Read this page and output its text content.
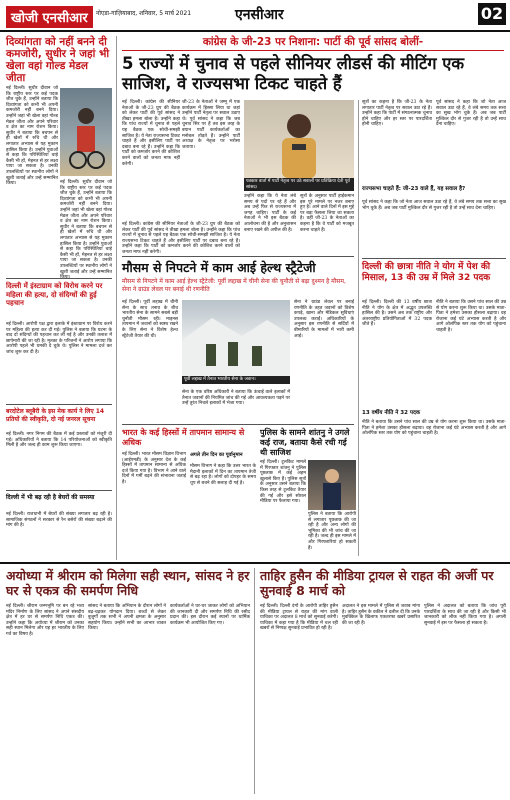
खोजी एनसीआर	नोएडा-गाज़ियाबाद, शनिवार, 5 मार्च 2021	एनसीआर	02
दिव्यांगता को नहीं बनने दी कमजोरी, सुधीर ने जहां भी खेला वहां गोल्ड मेडल जीता
नई दिल्ली। सुधीर दीवान जो कि राष्ट्रीय स्तर पर कई पदक जीत चुके हैं, उन्होंने बताया कि दिव्यांगता को कभी भी अपनी कमजोरी नहीं बनने दिया। उन्होंने जहां भी खेला वहां गोल्ड मेडल जीता और अपने परिवार व क्षेत्र का नाम रोशन किया। सुधीर ने बताया कि बचपन से ही खेलों में रुचि थी और लगातार अभ्यास से यह मुकाम हासिल किया है। उन्होंने युवाओं से कहा कि परिस्थितियां चाहे कैसी भी हों, मेहनत से हर लक्ष्य पाया जा सकता है। उनकी उपलब्धियों पर स्थानीय लोगों ने खुशी जताई और उन्हें सम्मानित किया।	नई दिल्ली। सुधीर दीवान जो कि राष्ट्रीय स्तर पर कई पदक जीत चुके हैं, उन्होंने बताया कि दिव्यांगता को कभी भी अपनी कमजोरी नहीं बनने दिया। उन्होंने जहां भी खेला वहां गोल्ड मेडल जीता और अपने परिवार व क्षेत्र का नाम रोशन किया। सुधीर ने बताया कि बचपन से ही खेलों में रुचि थी और लगातार अभ्यास से यह मुकाम हासिल किया है। उन्होंने युवाओं से कहा कि परिस्थितियां चाहे कैसी भी हों, मेहनत से हर लक्ष्य पाया जा सकता है। उनकी उपलब्धियों पर स्थानीय लोगों ने खुशी जताई और उन्हें सम्मानित
दिल्ली में इंस्टाग्राम को विरोध करने पर महिला की हत्या, दो संदिग्धों की हुई पहचान
नई दिल्ली। आरोपी पक्ष द्वारा इलाके में इंस्टाग्राम पर विरोध करने पर महिला की हत्या कर दी गई। पुलिस ने बताया कि घटना के बाद दो संदिग्धों की पहचान कर ली गई है और उनकी तलाश में छापेमारी की जा रही है। मृतका के परिजनों ने आरोप लगाया कि आरोपी पहले भी धमकी दे चुके थे। पुलिस ने मामला दर्ज कर जांच शुरू कर दी है।
बरदोटेल ब्लूबैरी के इस मेक कार्य ने लिए 14 प्रतियों की स्वीकृति, दो नई जनरल सूचना
नई दिल्ली। नगर निगम की बैठक में कई प्रस्तावों को मंजूरी दी गई। अधिकारियों ने बताया कि 14 परियोजनाओं को स्वीकृति मिली है और जल्द ही काम शुरू किया जाएगा।
दिल्ली में भी बढ़ रही है बेघरों की समस्या
नई दिल्ली। राजधानी में बेघरों की संख्या लगातार बढ़ रही है। सामाजिक संगठनों ने सरकार से रैन बसेरों की संख्या बढ़ाने की मांग की है।
कांग्रेस के जी-23 पर निशाना: पार्टी की पूर्व सांसद बोलीं-
5 राज्यों में चुनाव से पहले सीनियर लीडर्स की मीटिंग एक साजिश, वे राज्यसभा टिकट चाहते हैं
नई दिल्ली। कांग्रेस की सीनियर नेताओं के जी-23 ग्रुप की बैठक को लेकर पार्टी की पूर्व सांसद ने तीखा हमला बोला है। उन्होंने कहा कि पांच राज्यों में चुनाव से पहले यह बैठक एक सोची-समझी साजिश है। ये नेता राज्यसभा टिकट चाहते हैं और इसीलिए पार्टी पर दबाव बना रहे हैं। उन्होंने कहा कि पार्टी को कमजोर करने की कोशिश करने वालों को जनता माफ नहीं करेगी।
जी-23 के नेताओं ने जम्मू में एक कार्यक्रम में हिस्सा लिया था जहां उन्होंने पार्टी नेतृत्व पर सवाल उठाए थे। पूर्व सांसद ने कहा कि जब चुनाव सिर पर हैं तब इस तरह के बयान पार्टी कार्यकर्ताओं का मनोबल तोड़ते हैं। उन्होंने पार्टी अध्यक्ष के नेतृत्व पर भरोसा जताया।
पत्रकार वार्ता में पार्टी नेतृत्व पर उठे सवालों पर प्रतिक्रिया देती पूर्व सांसद।
उन्होंने कहा कि ये नेता लंबे समय से पदों पर रहे हैं और अब उन्हें फिर से राज्यसभा में जगह चाहिए। पार्टी के कई नेताओं ने भी इस बैठक की आलोचना की है और अनुशासन बनाए रखने की अपील की है।
सूत्रों के अनुसार पार्टी हाईकमान इस पूरे मामले पर नजर बनाए हुए है। आने वाले दिनों में इस मुद्दे पर बड़ा फैसला लिया जा सकता है। वहीं जी-23 के नेताओं का कहना है कि वे पार्टी को मजबूत करना चाहते हैं।
नई दिल्ली। कांग्रेस की सीनियर नेताओं के जी-23 ग्रुप की बैठक को लेकर पार्टी की पूर्व सांसद ने तीखा हमला बोला है। उन्होंने कहा कि पांच राज्यों में चुनाव से पहले यह बैठक एक सोची-समझी साजिश है। ये नेता राज्यसभा टिकट चाहते हैं और इसीलिए पार्टी पर दबाव बना रहे हैं। उन्होंने कहा कि पार्टी को कमजोर करने की कोशिश करने वालों को जनता माफ नहीं करेगी।
सूत्रों का कहना है कि जी-23 के नेता लगातार पार्टी नेतृत्व पर सवाल उठा रहे हैं। उन्होंने कहा कि पार्टी में संगठनात्मक चुनाव होने चाहिए और हर स्तर पर पारदर्शिता होनी चाहिए।
पूर्व सांसद ने कहा कि जो नेता आज सवाल उठा रहे हैं, वे लंबे समय तक सत्ता का सुख भोग चुके हैं। अब जब पार्टी मुश्किल दौर से गुजर रही है तो उन्हें साथ देना चाहिए।
राज्यसभा चाहते हैं: जी-23 वाले हैं, यह सवाल है?
पूर्व सांसद ने कहा कि जो नेता आज सवाल उठा रहे हैं, वे लंबे समय तक सत्ता का सुख भोग चुके हैं। अब जब पार्टी मुश्किल दौर से गुजर रही है तो उन्हें साथ देना चाहिए।
दिल्ली की छात्रा नीति ने योग में पेश की मिसाल, 13 की उम्र में मिले 32 पदक
नई दिल्ली। दिल्ली की 13 वर्षीय छात्रा नीति ने योग के क्षेत्र में अद्भुत उपलब्धि हासिल की है। उसने अब तक राष्ट्रीय और अंतरराष्ट्रीय प्रतियोगिताओं में 32 पदक जीते हैं।
नीति ने बताया कि उसने पांच साल की उम्र से योग करना शुरू किया था। उसके माता-पिता ने हमेशा उसका हौसला बढ़ाया। वह रोजाना कई घंटे अभ्यास करती है और आगे ओलंपिक स्तर तक योग को पहुंचाना चाहती है।
13 वर्षीय नीति ने 32 पदक
नीति ने बताया कि उसने पांच साल की उम्र से योग करना शुरू किया था। उसके माता-पिता ने हमेशा उसका हौसला बढ़ाया। वह रोजाना कई घंटे अभ्यास करती है और आगे ओलंपिक स्तर तक योग को पहुंचाना चाहती है।
मौसम से निपटने में काम आई हेल्थ स्ट्रैटेजी
मौसम से निपटने में काम आई हेल्थ स्ट्रैटेजी: पूर्वी लद्दाख में चीनी सेना की चुनौती से बढ़ा दुश्मन है मौसम, सेना ने ग्राउंड लेवल पर बनाई थी रणनीति
नई दिल्ली। पूर्वी लद्दाख में चीनी सेना के साथ तनाव के बीच भारतीय सेना के सामने सबसे बड़ी चुनौती मौसम रही। माइनस तापमान में जवानों को स्वस्थ रखने के लिए सेना ने विशेष हेल्थ स्ट्रैटेजी तैयार की थी।
पूर्वी लद्दाख में तैनात भारतीय सेना के जवान।
सेना ने ग्राउंड लेवल पर बनाई रणनीति के तहत जवानों को विशेष कपड़े, खाना और मेडिकल सुविधाएं उपलब्ध कराईं। अधिकारियों के अनुसार इस रणनीति से सर्दियों में बीमारियों के मामलों में भारी कमी आई।
सेना के एक वरिष्ठ अधिकारी ने बताया कि ऊंचाई वाले इलाकों में तैनात जवानों की नियमित जांच की गई और आवश्यकता पड़ने पर उन्हें तुरंत निचले इलाकों में भेजा गया।
भारत के कई हिस्सों में तापमान सामान्य से अधिक
नई दिल्ली। भारत मौसम विज्ञान विभाग (आईएमडी) के अनुसार देश के कई हिस्सों में तापमान सामान्य से अधिक दर्ज किया गया है। विभाग ने आने वाले दिनों में गर्मी बढ़ने की संभावना जताई है।
अगले तीन दिन का पूर्वानुमान
मौसम विभाग ने कहा कि उत्तर भारत के मैदानी इलाकों में दिन का तापमान तेजी से बढ़ रहा है। लोगों को दोपहर के समय धूप से बचने की सलाह दी गई है।
पुलिस के सामने शांतनु ने उगले कई राज, बताया कैसे रची गई थी साजिश
नई दिल्ली। टूलकिट मामले में गिरफ्तार शांतनु ने पुलिस पूछताछ में कई अहम खुलासे किए हैं। पुलिस सूत्रों के अनुसार उसने बताया कि किस तरह से टूलकिट तैयार की गई और इसे सोशल मीडिया पर फैलाया गया।
पुलिस ने बताया कि आरोपी से लगातार पूछताछ की जा रही है और अन्य लोगों की भूमिका की भी जांच की जा रही है। जल्द ही इस मामले में और गिरफ्तारियां हो सकती हैं।
अयोध्या में श्रीराम को मिलेगा सही स्थान, सांसद ने हर घर से एकत्र की समर्पण निधि
नई दिल्ली। श्रीराम जन्मभूमि पर बन रहे भव्य मंदिर निर्माण के लिए सांसद ने अपने संसदीय क्षेत्र में हर घर से समर्पण निधि एकत्र की। उन्होंने कहा कि अयोध्या में श्रीराम को उनका सही स्थान मिलेगा और यह हर भारतीय के लिए गर्व का विषय है।
सांसद ने बताया कि अभियान के दौरान लोगों ने बढ़-चढ़कर योगदान दिया। बच्चों से लेकर बुजुर्गों तक सभी ने अपनी क्षमता के अनुसार सहयोग किया। उन्होंने सभी का आभार व्यक्त किया।
कार्यकर्ताओं ने घर-घर जाकर लोगों को अभियान की जानकारी दी और समर्पण निधि की रसीद प्रदान की। इस दौरान कई स्थानों पर धार्मिक कार्यक्रम भी आयोजित किए गए।
ताहिर हुसैन की मीडिया ट्रायल से राहत की अर्जी पर सुनवाई 8 मार्च को
नई दिल्ली। दिल्ली दंगों के आरोपी ताहिर हुसैन की मीडिया ट्रायल से राहत की मांग वाली याचिका पर अदालत 8 मार्च को सुनवाई करेगी। याचिका में कहा गया है कि मीडिया में चल रही खबरों से निष्पक्ष सुनवाई प्रभावित हो रही है।
अदालत ने इस मामले में पुलिस से जवाब मांगा है। ताहिर हुसैन के वकील ने दलील दी कि उनके मुवक्किल के खिलाफ एकतरफा खबरें प्रसारित की जा रही हैं।
पुलिस ने अदालत को बताया कि जांच पूरी पारदर्शिता के साथ की जा रही है और किसी भी जानकारी को लीक नहीं किया गया है। अगली सुनवाई में इस पर फैसला हो सकता है।
